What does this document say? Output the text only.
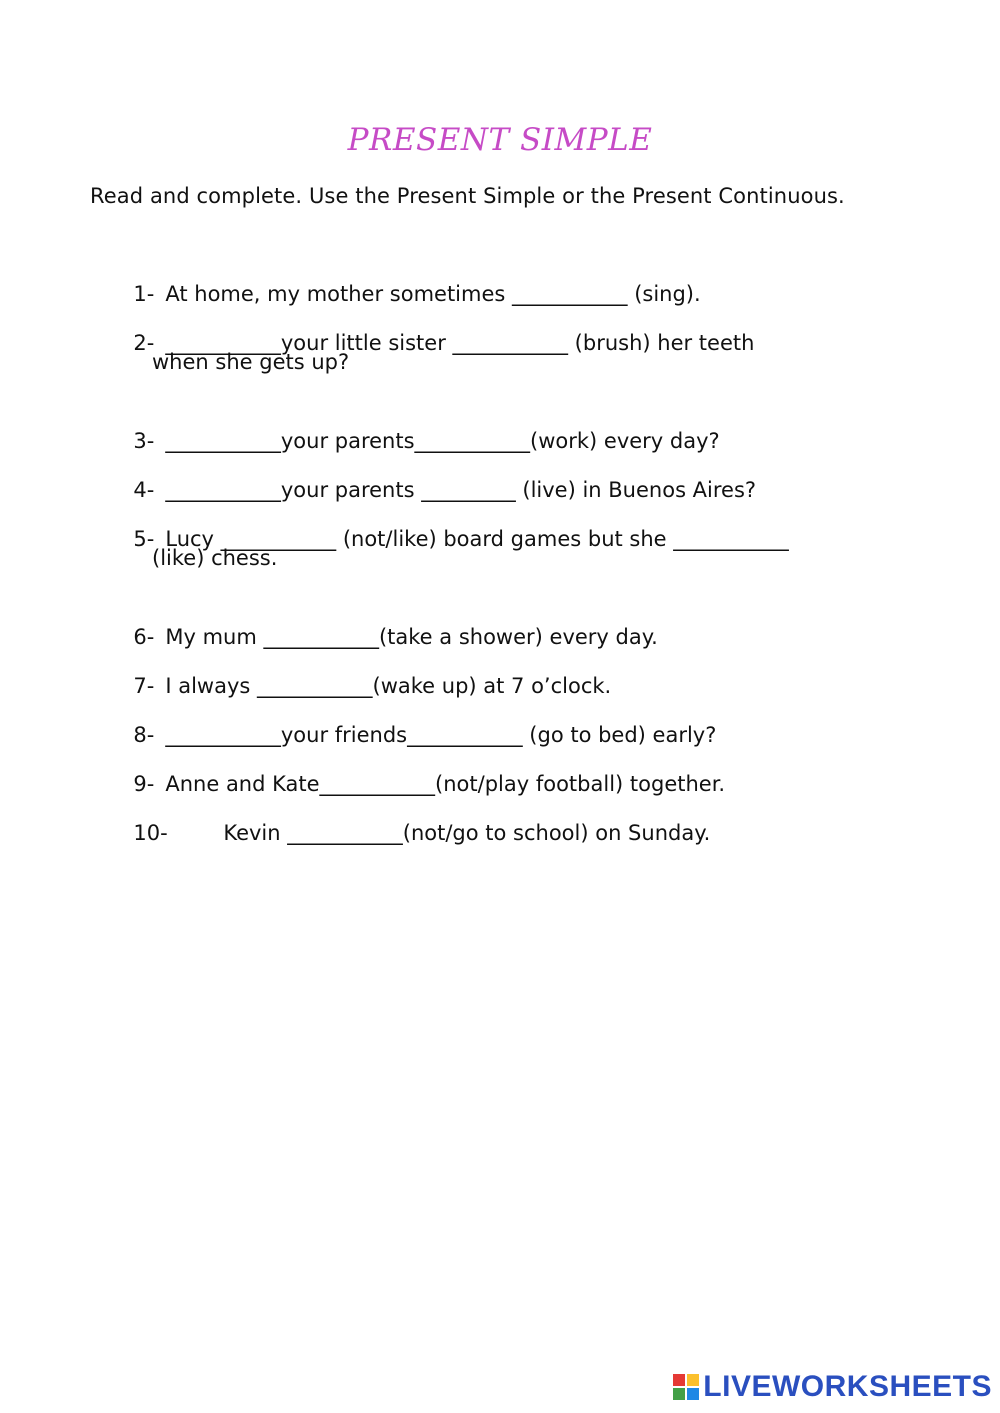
PRESENT SIMPLE
Read and complete. Use the Present Simple or the Present Continuous.

1- At home, my mother sometimes ___________ (sing).

2- ___________your little sister ___________ (brush) her teeth

when she gets up?

3- ___________your parents___________(work) every day?

4- ___________your parents _________ (live) in Buenos Aires?

5- Lucy ___________ (not/like) board games but she ___________

(like) chess.

6- My mum ___________(take a shower) every day.

7- I always ___________(wake up) at 7 o’clock.

8- ___________your friends___________ (go to bed) early?

9- Anne and Kate___________(not/play football) together.

10-	Kevin ___________(not/go to school) on Sunday.

LIVEWORKSHEETS
